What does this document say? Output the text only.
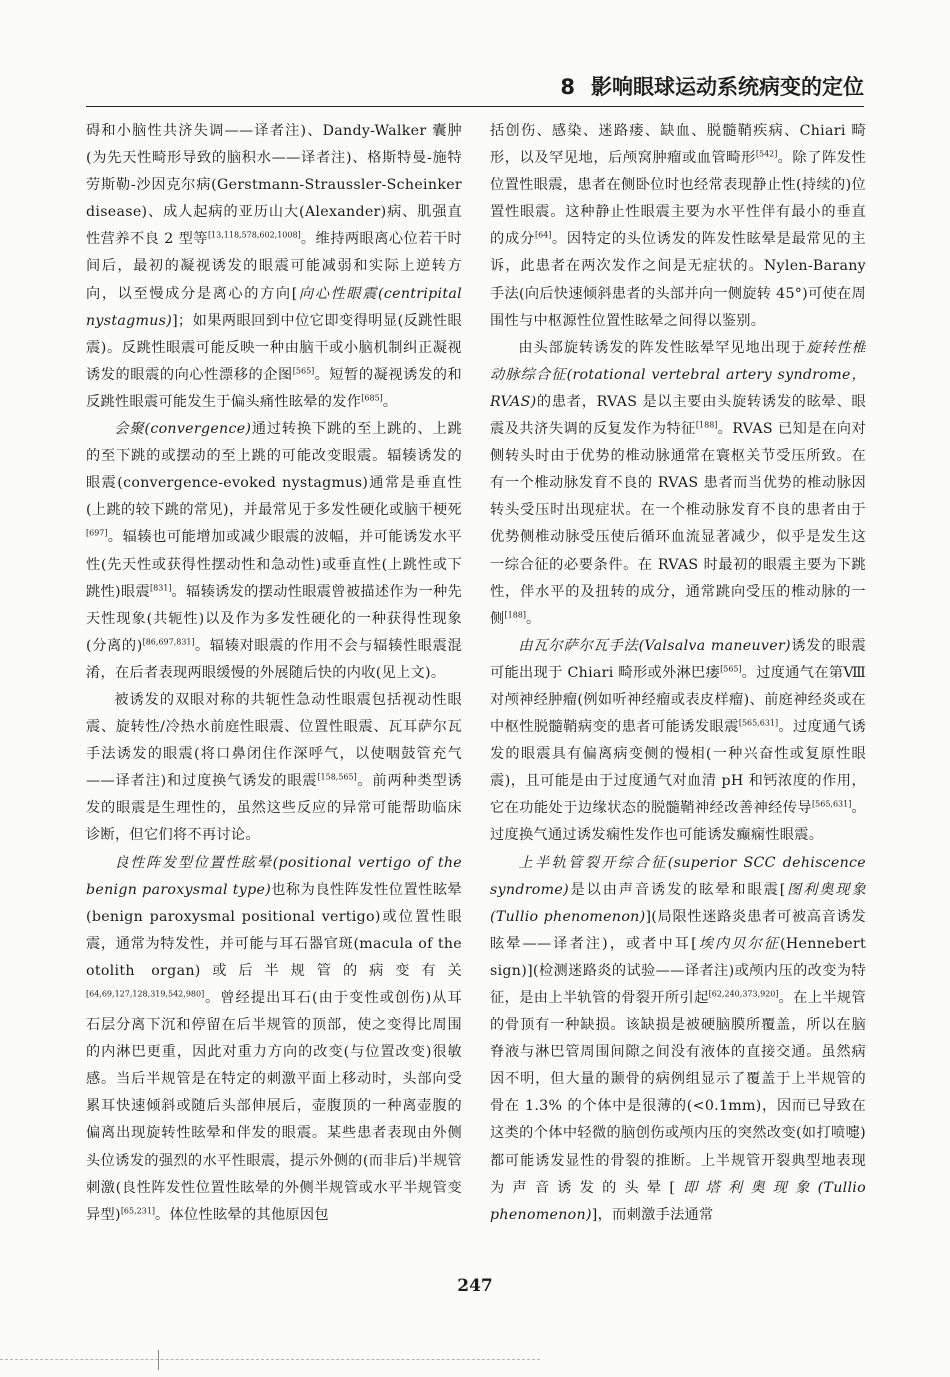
8 影响眼球运动系统病变的定位

碍和小脑性共济失调——译者注)、Dandy-Walker 囊肿(为先天性畸形导致的脑积水——译者注)、格斯特曼-施特劳斯勒-沙因克尔病(Gerstmann-Straussler-Scheinker disease)、成人起病的亚历山大(Alexander)病、肌强直性营养不良 2 型等[13,118,578,602,1008]。维持两眼离心位若干时间后，最初的凝视诱发的眼震可能减弱和实际上逆转方向，以至慢成分是离心的方向[向心性眼震(centripital nystagmus)]；如果两眼回到中位它即变得明显(反跳性眼震)。反跳性眼震可能反映一种由脑干或小脑机制纠正凝视诱发的眼震的向心性漂移的企图[565]。短暂的凝视诱发的和反跳性眼震可能发生于偏头痛性眩晕的发作[685]。

会聚(convergence)通过转换下跳的至上跳的、上跳的至下跳的或摆动的至上跳的可能改变眼震。辐辏诱发的眼震(convergence-evoked nystagmus)通常是垂直性(上跳的较下跳的常见)，并最常见于多发性硬化或脑干梗死[697]。辐辏也可能增加或减少眼震的波幅，并可能诱发水平性(先天性或获得性摆动性和急动性)或垂直性(上跳性或下跳性)眼震[831]。辐辏诱发的摆动性眼震曾被描述作为一种先天性现象(共轭性)以及作为多发性硬化的一种获得性现象(分离的)[86,697,831]。辐辏对眼震的作用不会与辐辏性眼震混淆，在后者表现两眼缓慢的外展随后快的内收(见上文)。

被诱发的双眼对称的共轭性急动性眼震包括视动性眼震、旋转性/冷热水前庭性眼震、位置性眼震、瓦耳萨尔瓦手法诱发的眼震(将口鼻闭住作深呼气，以使咽鼓管充气——译者注)和过度换气诱发的眼震[158,565]。前两种类型诱发的眼震是生理性的，虽然这些反应的异常可能帮助临床诊断，但它们将不再讨论。

良性阵发型位置性眩晕(positional vertigo of the benign paroxysmal type)也称为良性阵发性位置性眩晕(benign paroxysmal positional vertigo)或位置性眼震，通常为特发性，并可能与耳石器官斑(macula of the otolith organ)或后半规管的病变有关[64,69,127,128,319,542,980]。曾经提出耳石(由于变性或创伤)从耳石层分离下沉和停留在后半规管的顶部，使之变得比周围的内淋巴更重，因此对重力方向的改变(与位置改变)很敏感。当后半规管是在特定的刺激平面上移动时，头部向受累耳快速倾斜或随后头部伸展后，壶腹顶的一种离壶腹的偏离出现旋转性眩晕和伴发的眼震。某些患者表现由外侧头位诱发的强烈的水平性眼震，提示外侧的(而非后)半规管刺激(良性阵发性位置性眩晕的外侧半规管或水平半规管变异型)[65,231]。体位性眩晕的其他原因包

括创伤、感染、迷路瘘、缺血、脱髓鞘疾病、Chiari 畸形，以及罕见地，后颅窝肿瘤或血管畸形[542]。除了阵发性位置性眼震，患者在侧卧位时也经常表现静止性(持续的)位置性眼震。这种静止性眼震主要为水平性伴有最小的垂直的成分[64]。因特定的头位诱发的阵发性眩晕是最常见的主诉，此患者在两次发作之间是无症状的。Nylen-Barany 手法(向后快速倾斜患者的头部并向一侧旋转 45°)可使在周围性与中枢源性位置性眩晕之间得以鉴别。

由头部旋转诱发的阵发性眩晕罕见地出现于旋转性椎动脉综合征(rotational vertebral artery syndrome，RVAS)的患者，RVAS 是以主要由头旋转诱发的眩晕、眼震及共济失调的反复发作为特征[188]。RVAS 已知是在向对侧转头时由于优势的椎动脉通常在寰枢关节受压所致。在有一个椎动脉发育不良的 RVAS 患者而当优势的椎动脉因转头受压时出现症状。在一个椎动脉发育不良的患者由于优势侧椎动脉受压使后循环血流显著减少，似乎是发生这一综合征的必要条件。在 RVAS 时最初的眼震主要为下跳性，伴水平的及扭转的成分，通常跳向受压的椎动脉的一侧[188]。

由瓦尔萨尔瓦手法(Valsalva maneuver)诱发的眼震可能出现于 Chiari 畸形或外淋巴瘘[565]。过度通气在第Ⅷ对颅神经肿瘤(例如听神经瘤或表皮样瘤)、前庭神经炎或在中枢性脱髓鞘病变的患者可能诱发眼震[565,631]。过度通气诱发的眼震具有偏离病变侧的慢相(一种兴奋性或复原性眼震)，且可能是由于过度通气对血清 pH 和钙浓度的作用，它在功能处于边缘状态的脱髓鞘神经改善神经传导[565,631]。过度换气通过诱发痫性发作也可能诱发癫痫性眼震。

上半轨管裂开综合征(superior SCC dehiscence syndrome)是以由声音诱发的眩晕和眼震[图利奥现象(Tullio phenomenon)](局限性迷路炎患者可被高音诱发眩晕——译者注)，或者中耳[埃内贝尔征(Hennebert sign)](检测迷路炎的试验——译者注)或颅内压的改变为特征，是由上半轨管的骨裂开所引起[62,240,373,920]。在上半规管的骨顶有一种缺损。该缺损是被硬脑膜所覆盖，所以在脑脊液与淋巴管周围间隙之间没有液体的直接交通。虽然病因不明，但大量的颞骨的病例组显示了覆盖于上半规管的骨在 1.3% 的个体中是很薄的(<0.1mm)，因而已导致在这类的个体中轻微的脑创伤或颅内压的突然改变(如打喷嚏)都可能诱发显性的骨裂的推断。上半规管开裂典型地表现为声音诱发的头晕[即塔利奥现象(Tullio phenomenon)]，而刺激手法通常

247
